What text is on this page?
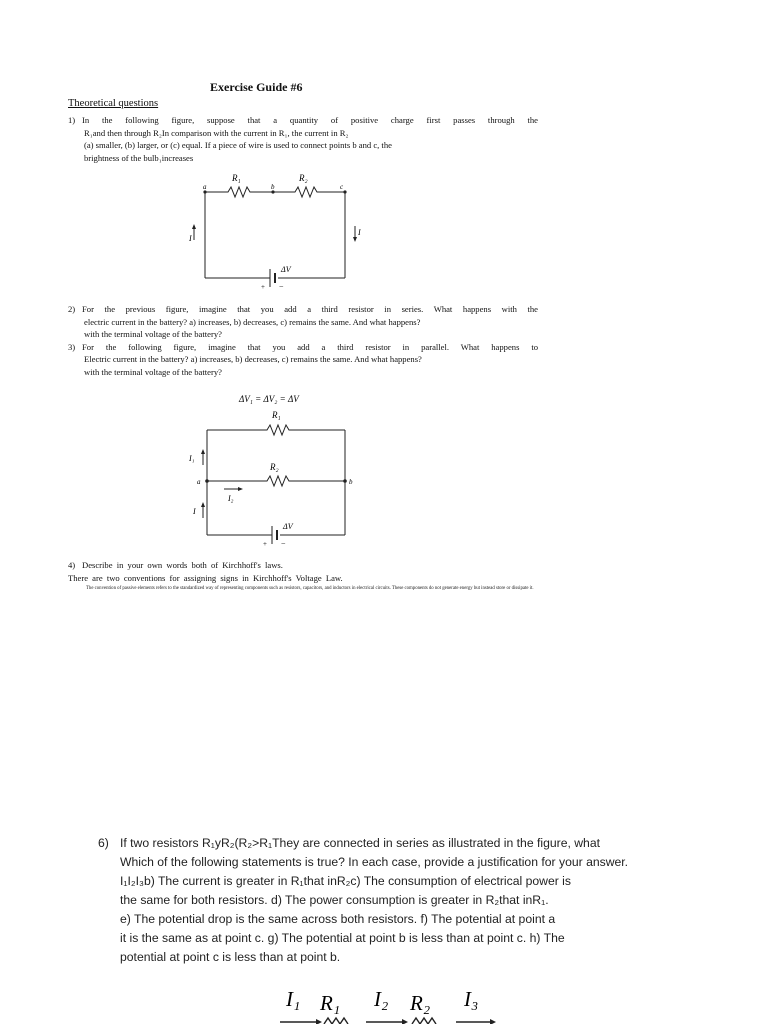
Exercise Guide #6
Theoretical questions
1) In the following figure, suppose that a quantity of positive charge first passes through the
R₁and then through R₂In comparison with the current in R₁, the current in R₂
(a) smaller, (b) larger, or (c) equal. If a piece of wire is used to connect points b and c, the
brightness of the bulb₁increases
R₁	R₂
a	b	c
I
I
ΔV
+ −
2) For the previous figure, imagine that you add a third resistor in series. What happens with the
electric current in the battery? a) increases, b) decreases, c) remains the same. And what happens?
with the terminal voltage of the battery?
3) For the following figure, imagine that you add a third resistor in parallel. What happens to
Electric current in the battery? a) increases, b) decreases, c) remains the same. And what happens?
with the terminal voltage of the battery?
ΔV₁ = ΔV₂ = ΔV
R₁
R₂
I₁
I₂
I
a	b
ΔV
+ −
4) Describe in your own words both of Kirchhoff's laws.
There are two conventions for assigning signs in Kirchhoff's Voltage Law.
The convention of passive elements refers to the standardized way of representing components such as resistors, capacitors, and inductors in electrical circuits. These components do not generate energy but instead store or dissipate it.
6) If two resistors R₁yR₂(R₂>R₁They are connected in series as illustrated in the figure, what
Which of the following statements is true? In each case, provide a justification for your answer.
I₁I₂I₃b) The current is greater in R₁that inR₂c) The consumption of electrical power is
the same for both resistors. d) The power consumption is greater in R₂that inR₁.
e) The potential drop is the same across both resistors. f) The potential at point a
it is the same as at point c. g) The potential at point b is less than at point c. h) The
potential at point c is less than at point b.
I₁ R₁ I₂ R₂ I₃
